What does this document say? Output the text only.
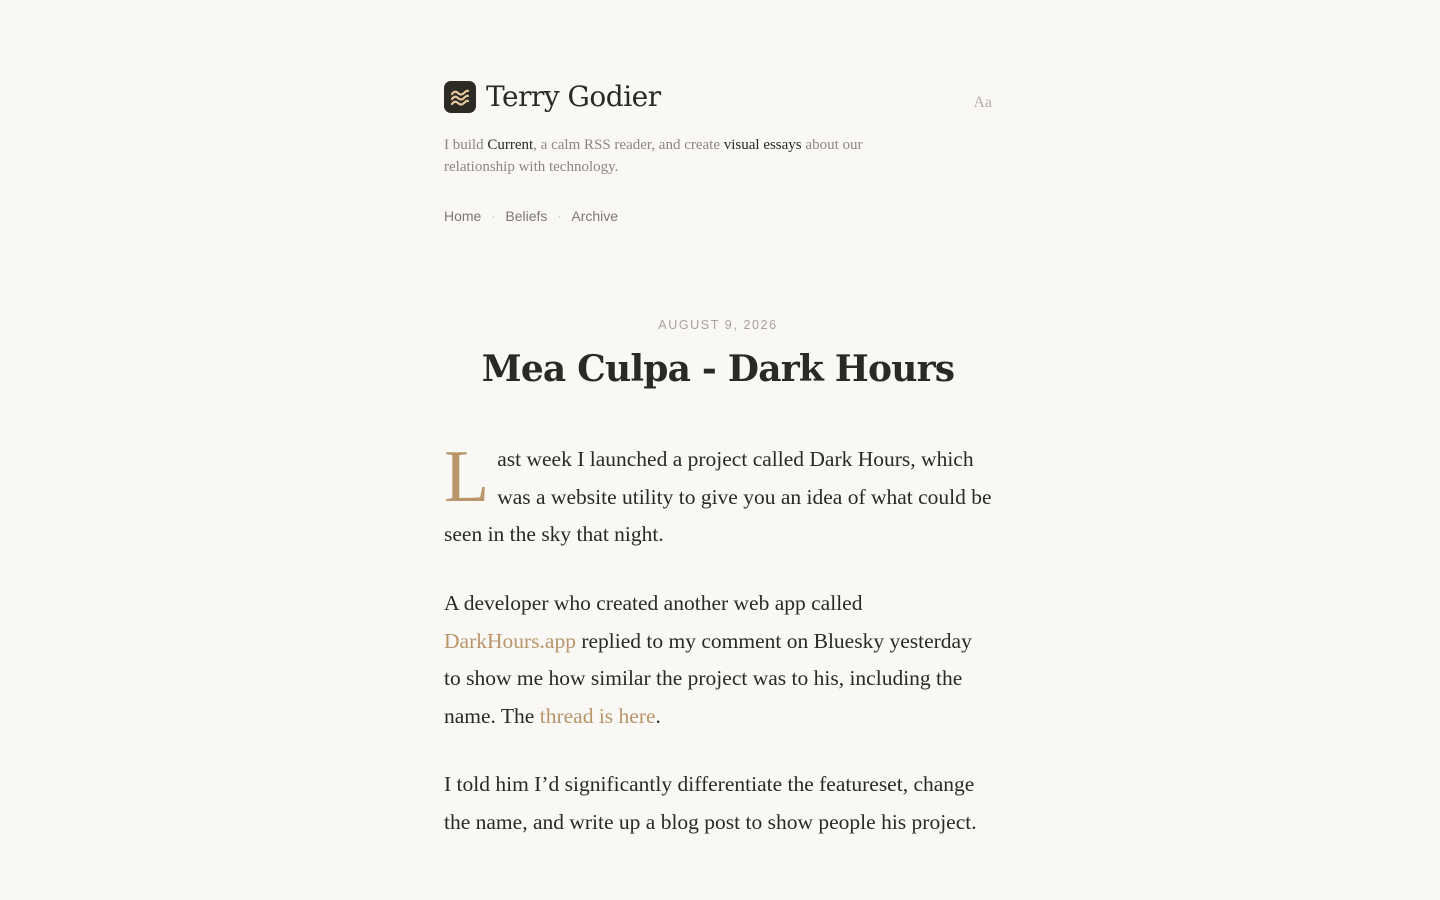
Terry Godier	Aa
I build Current, a calm RSS reader, and create visual essays about our relationship with technology.
Home · Beliefs · Archive
AUGUST 9, 2026
Mea Culpa - Dark Hours

Last week I launched a project called Dark Hours, which was a website utility to give you an idea of what could be seen in the sky that night.

A developer who created another web app called DarkHours.app replied to my comment on Bluesky yesterday to show me how similar the project was to his, including the name. The thread is here.

I told him I’d significantly differentiate the featureset, change the name, and write up a blog post to show people his project.
